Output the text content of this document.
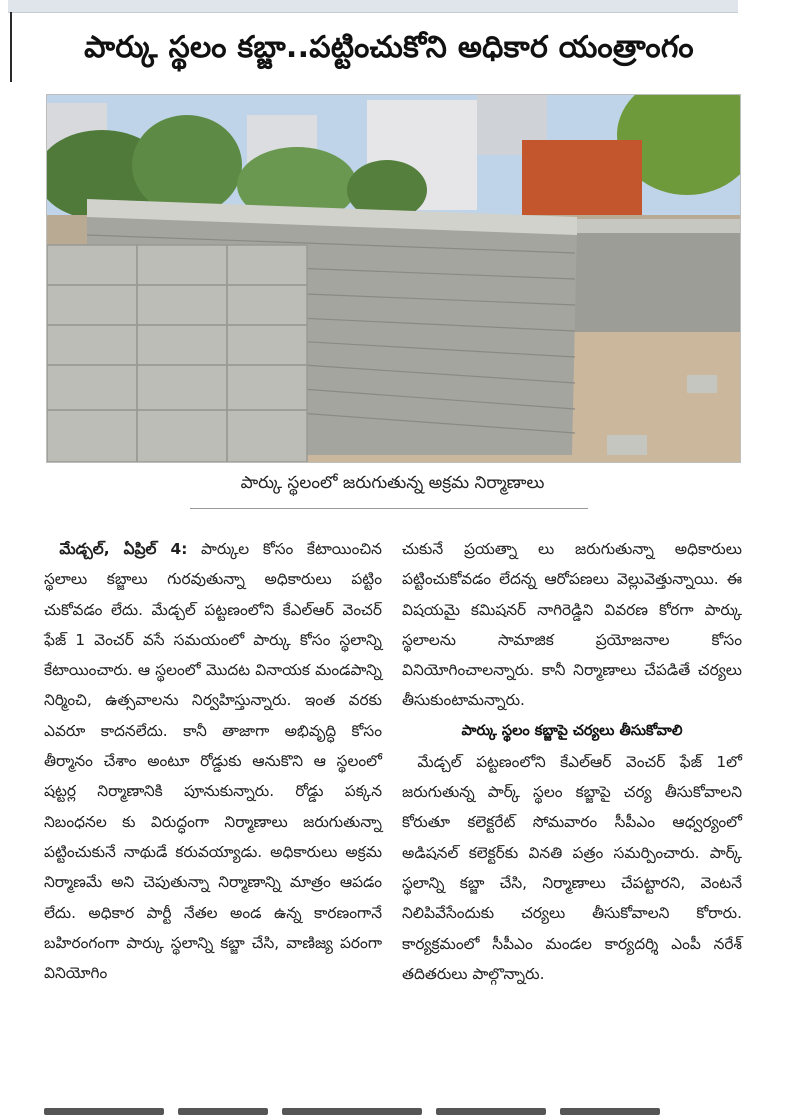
పార్కు స్థలం కబ్జా..పట్టించుకోని అధికార యంత్రాంగం
పార్కు స్థలంలో జరుగుతున్న అక్రమ నిర్మాణాలు

 మేడ్చల్‌, ఏప్రిల్‌ 4: పార్కుల కోసం కేటాయించిన స్థలాలు కబ్జాలు గురవుతున్నా అధికారులు పట్టిం చుకోవడం లేదు. మేడ్చల్‌ పట్టణంలోని కేఎల్‌ఆర్‌ వెంచర్‌ ఫేజ్‌ 1 వెంచర్‌ వసే సమయంలో పార్కు కోసం స్థలాన్ని కేటాయించారు. ఆ స్థలంలో మొదట వినాయక మండపాన్ని నిర్మించి, ఉత్సవాలను నిర్వహిస్తున్నారు. ఇంత వరకు ఎవరూ కాదనలేదు. కానీ తాజాగా అభివృద్ధి కోసం తీర్మానం చేశాం అంటూ రోడ్డుకు ఆనుకొని ఆ స్థలంలో షట్టర్ల నిర్మాణానికి పూనుకున్నారు. రోడ్డు పక్కన నిబంధనల కు విరుద్ధంగా నిర్మాణాలు జరుగుతున్నా పట్టించుకునే నాథుడే కరువయ్యాడు. అధికారులు అక్రమ నిర్మాణమే అని చెపుతున్నా నిర్మాణాన్ని మాత్రం ఆపడం లేదు. అధికార పార్టీ నేతల అండ ఉన్న కారణంగానే బహిరంగంగా పార్కు స్థలాన్ని కబ్జా చేసి, వాణిజ్య పరంగా వినియోగిం

చుకునే ప్రయత్నా లు జరుగుతున్నా అధికారులు పట్టించుకోవడం లేదన్న ఆరోపణలు వెల్లువెత్తున్నాయి. ఈ విషయమై కమిషనర్‌ నాగిరెడ్డిని వివరణ కోరగా పార్కు స్థలాలను సామాజిక ప్రయోజనాల కోసం వినియోగించాలన్నారు. కానీ నిర్మాణాలు చేపడితే చర్యలు తీసుకుంటామన్నారు.

పార్కు స్థలం కబ్జాపై చర్యలు తీసుకోవాలి

 మేడ్చల్‌ పట్టణంలోని కేఎల్‌ఆర్‌ వెంచర్‌ ఫేజ్‌ 1లో జరుగుతున్న పార్క్‌ స్థలం కబ్జాపై చర్య తీసుకోవాలని కోరుతూ కలెక్టరేట్‌ సోమవారం సీపీఎం ఆధ్వర్యంలో అడిషనల్‌ కలెక్టర్‌కు వినతి పత్రం సమర్పించారు. పార్క్‌ స్థలాన్ని కబ్జా చేసి, నిర్మాణాలు చేపట్టారని, వెంటనే నిలిపివేసేందుకు చర్యలు తీసుకోవాలని కోరారు. కార్యక్రమంలో సీపీఎం మండల కార్యదర్శి ఎంపీ నరేశ్‌ తదితరులు పాల్గొన్నారు.
